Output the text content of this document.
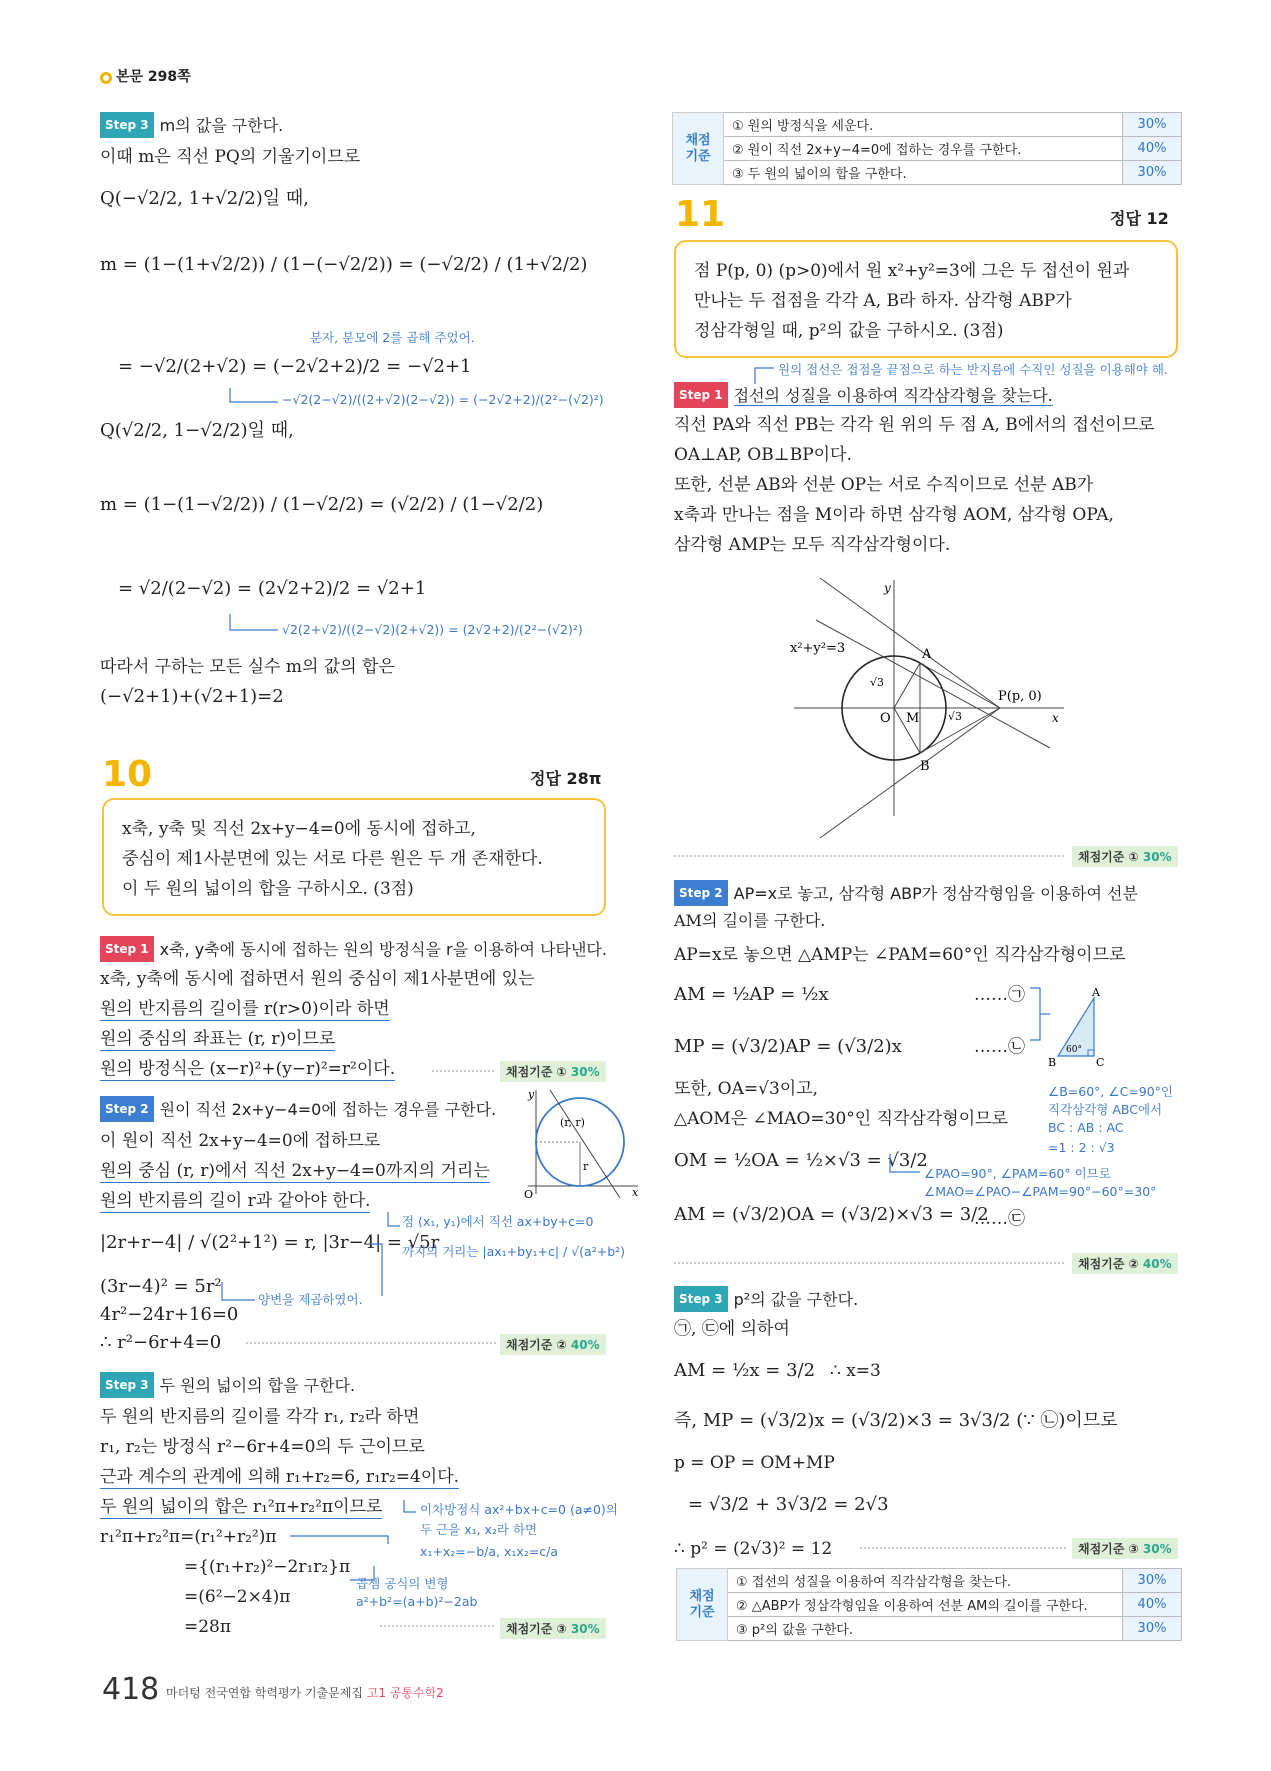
본문 298쪽
Step 3 m의 값을 구한다.
이때 m은 직선 PQ의 기울기이므로
Q(−√2/2, 1+√2/2)일 때,
m = (1−(1+√2/2)) / (1−(−√2/2)) = (−√2/2) / (1+√2/2)
분자, 분모에 2를 곱해 주었어.
= −√2/(2+√2) = (−2√2+2)/2 = −√2+1
−√2(2−√2)/((2+√2)(2−√2)) = (−2√2+2)/(2²−(√2)²)
Q(√2/2, 1−√2/2)일 때,
m = (1−(1−√2/2)) / (1−√2/2) = (√2/2) / (1−√2/2)
= √2/(2−√2) = (2√2+2)/2 = √2+1
√2(2+√2)/((2−√2)(2+√2)) = (2√2+2)/(2²−(√2)²)
따라서 구하는 모든 실수 m의 값의 합은
(−√2+1)+(√2+1)=2
10	정답 28π
x축, y축 및 직선 2x+y−4=0에 동시에 접하고,
중심이 제1사분면에 있는 서로 다른 원은 두 개 존재한다.
이 두 원의 넓이의 합을 구하시오. (3점)
Step 1 x축, y축에 동시에 접하는 원의 방정식을 r을 이용하여 나타낸다.
x축, y축에 동시에 접하면서 원의 중심이 제1사분면에 있는
원의 반지름의 길이를 r(r>0)이라 하면
원의 중심의 좌표는 (r, r)이므로
원의 방정식은 (x−r)²+(y−r)²=r²이다.	채점기준 ① 30%
Step 2 원이 직선 2x+y−4=0에 접하는 경우를 구한다.
이 원이 직선 2x+y−4=0에 접하므로
원의 중심 (r, r)에서 직선 2x+y−4=0까지의 거리는
원의 반지름의 길이 r과 같아야 한다.
|2r+r−4| / √(2²+1²) = r, |3r−4| = √5r
(3r−4)² = 5r²
4r²−24r+16=0
∴ r²−6r+4=0
점 (x₁, y₁)에서 직선 ax+by+c=0
까지의 거리는 |ax₁+by₁+c| / √(a²+b²)
양변을 제곱하였어.
채점기준 ② 40%
(r, r)
r
x
y
O
Step 3 두 원의 넓이의 합을 구한다.
두 원의 반지름의 길이를 각각 r₁, r₂라 하면
r₁, r₂는 방정식 r²−6r+4=0의 두 근이므로
근과 계수의 관계에 의해 r₁+r₂=6, r₁r₂=4이다.
두 원의 넓이의 합은 r₁²π+r₂²π이므로
r₁²π+r₂²π=(r₁²+r₂²)π
={(r₁+r₂)²−2r₁r₂}π
=(6²−2×4)π
=28π
이차방정식 ax²+bx+c=0 (a≠0)의
두 근을 x₁, x₂라 하면
x₁+x₂=−b/a, x₁x₂=c/a
곱셈 공식의 변형
a²+b²=(a+b)²−2ab
채점기준 ③ 30%
채점
기준	① 원의 방정식을 세운다.	30%
	② 원이 직선 2x+y−4=0에 접하는 경우를 구한다.	40%
	③ 두 원의 넓이의 합을 구한다.	30%
11	정답 12
점 P(p, 0) (p>0)에서 원 x²+y²=3에 그은 두 접선이 원과
만나는 두 접점을 각각 A, B라 하자. 삼각형 ABP가
정삼각형일 때, p²의 값을 구하시오. (3점)
원의 접선은 접점을 끝점으로 하는 반지름에 수직인 성질을 이용해야 해.
Step 1 접선의 성질을 이용하여 직각삼각형을 찾는다.
직선 PA와 직선 PB는 각각 원 위의 두 점 A, B에서의 접선이므로
OA⊥AP, OB⊥BP이다.
또한, 선분 AB와 선분 OP는 서로 수직이므로 선분 AB가
x축과 만나는 점을 M이라 하면 삼각형 AOM, 삼각형 OPA,
삼각형 AMP는 모두 직각삼각형이다.
x²+y²=3
√3
√3
A
B
O M
P(p, 0)
x
y
채점기준 ① 30%
Step 2 AP=x로 놓고, 삼각형 ABP가 정삼각형임을 이용하여 선분
AM의 길이를 구한다.
AP=x로 놓으면 △AMP는 ∠PAM=60°인 직각삼각형이므로
AM = ½AP = ½x	……㉠
MP = (√3/2)AP = (√3/2)x	……㉡
또한, OA=√3이고,
△AOM은 ∠MAO=30°인 직각삼각형이므로
OM = ½OA = ½×√3 = √3/2
AM = (√3/2)OA = (√3/2)×√3 = 3/2
……㉢
A
B	C
60°
∠B=60°, ∠C=90°인
직각삼각형 ABC에서
BC : AB : AC
=1 : 2 : √3
∠PAO=90°, ∠PAM=60° 이므로
∠MAO=∠PAO−∠PAM=90°−60°=30°
채점기준 ② 40%
Step 3 p²의 값을 구한다.
㉠, ㉢에 의하여
AM = ½x = 3/2 ∴ x=3
즉, MP = (√3/2)x = (√3/2)×3 = 3√3/2 (∵ ㉡)이므로
p = OP = OM+MP
= √3/2 + 3√3/2 = 2√3
∴ p² = (2√3)² = 12	채점기준 ③ 30%
채점
기준	① 접선의 성질을 이용하여 직각삼각형을 찾는다.	30%
	② △ABP가 정삼각형임을 이용하여 선분 AM의 길이를 구한다.	40%
	③ p²의 값을 구한다.	30%
418 마더텅 전국연합 학력평가 기출문제집 고1 공통수학2
